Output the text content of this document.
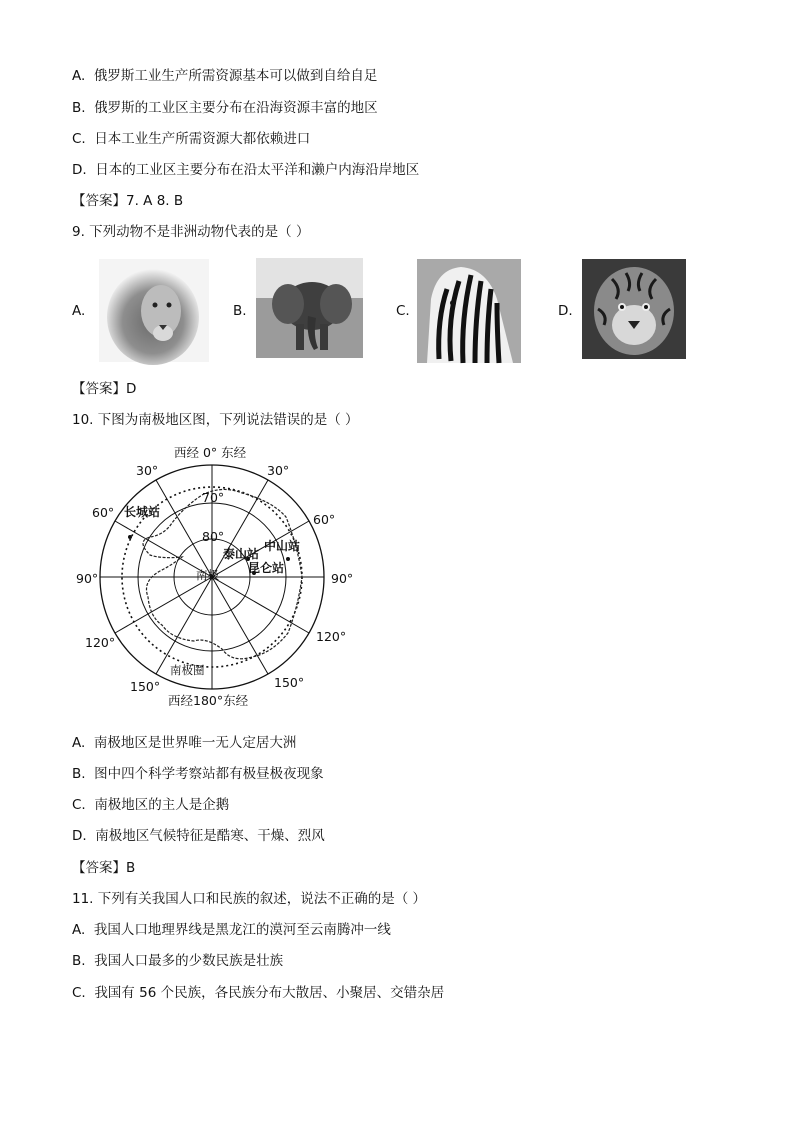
A. 俄罗斯工业生产所需资源基本可以做到自给自足
B. 俄罗斯的工业区主要分布在沿海资源丰富的地区
C. 日本工业生产所需资源大都依赖进口
D. 日本的工业区主要分布在沿太平洋和濑户内海沿岸地区
【答案】7. A 8. B
9. 下列动物不是非洲动物代表的是（ ）
A.	B.	C.	D.
【答案】D
10. 下图为南极地区图，下列说法错误的是（ ）
西经 0° 东经
30°	30°
60°	60°
90°	90°
120°	120°
150°	150°
西经180°东经
70°
80°
南极
南极圈
长城站
泰山站
中山站
昆仑站
A. 南极地区是世界唯一无人定居大洲
B. 图中四个科学考察站都有极昼极夜现象
C. 南极地区的主人是企鹅
D. 南极地区气候特征是酷寒、干燥、烈风
【答案】B
11. 下列有关我国人口和民族的叙述，说法不正确的是（ ）
A. 我国人口地理界线是黑龙江的漠河至云南腾冲一线
B. 我国人口最多的少数民族是壮族
C. 我国有 56 个民族，各民族分布大散居、小聚居、交错杂居
